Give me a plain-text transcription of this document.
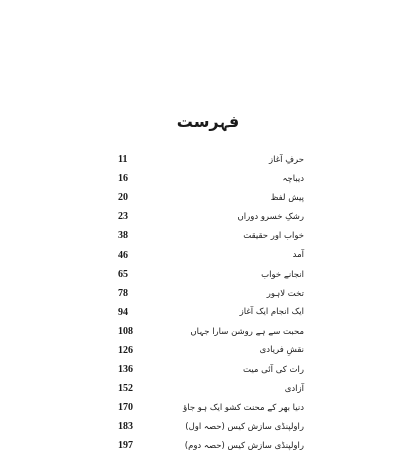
فہرست
11	حرفِ آغاز
16	دیباچہ
20	پیش لفظ
23	رشکِ خسرو دوراں
38	خواب اور حقیقت
46	آمد
65	انجانے خواب
78	تخت لاہور
94	ایک انجام ایک آغاز
108	محبت سے ہے روشن سارا جہاں
126	نقشِ فریادی
136	رات کی آئی میت
152	آزادی
170	دنیا بھر کے محنت کشو ایک ہو جاؤ
183	راولپنڈی سازش کیس (حصہ اول)
197	راولپنڈی سازش کیس (حصہ دوم)
